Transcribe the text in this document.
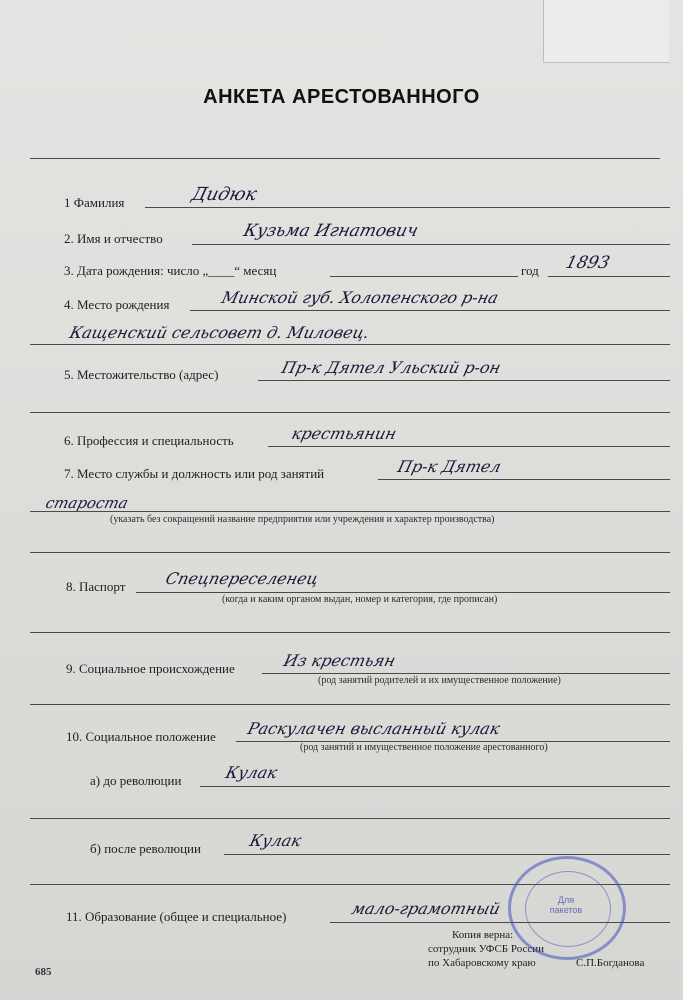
АНКЕТА АРЕСТОВАННОГО
1 Фамилия	Дидюк
2. Имя и отчество	Кузьма Игнатович
3. Дата рождения: число „____“ месяц	год 1893
4. Место рождения	Минской губ. Холопенского р-на
Кащенский сельсовет д. Миловец.
5. Местожительство (адрес)	Пр-к Дятел Ульский р-он
6. Профессия и специальность	крестьянин
7. Место службы и должность или род занятий	Пр-к Дятел
староста
(указать без сокращений название предприятия или учреждения и характер производства)
8. Паспорт Спецпереселенец
(когда и каким органом выдан, номер и категория, где прописан)
9. Социальное происхождение	Из крестьян
(род занятий родителей и их имущественное положение)
10. Социальное положение Раскулачен высланный кулак
(род занятий и имущественное положение арестованного)
а) до революции	Кулак
б) после революции	Кулак
11. Образование (общее и специальное)	мало-грамотный
Копия верна:
сотрудник УФСБ России
по Хабаровскому краю	С.П.Богданова
Для пакетов
685
